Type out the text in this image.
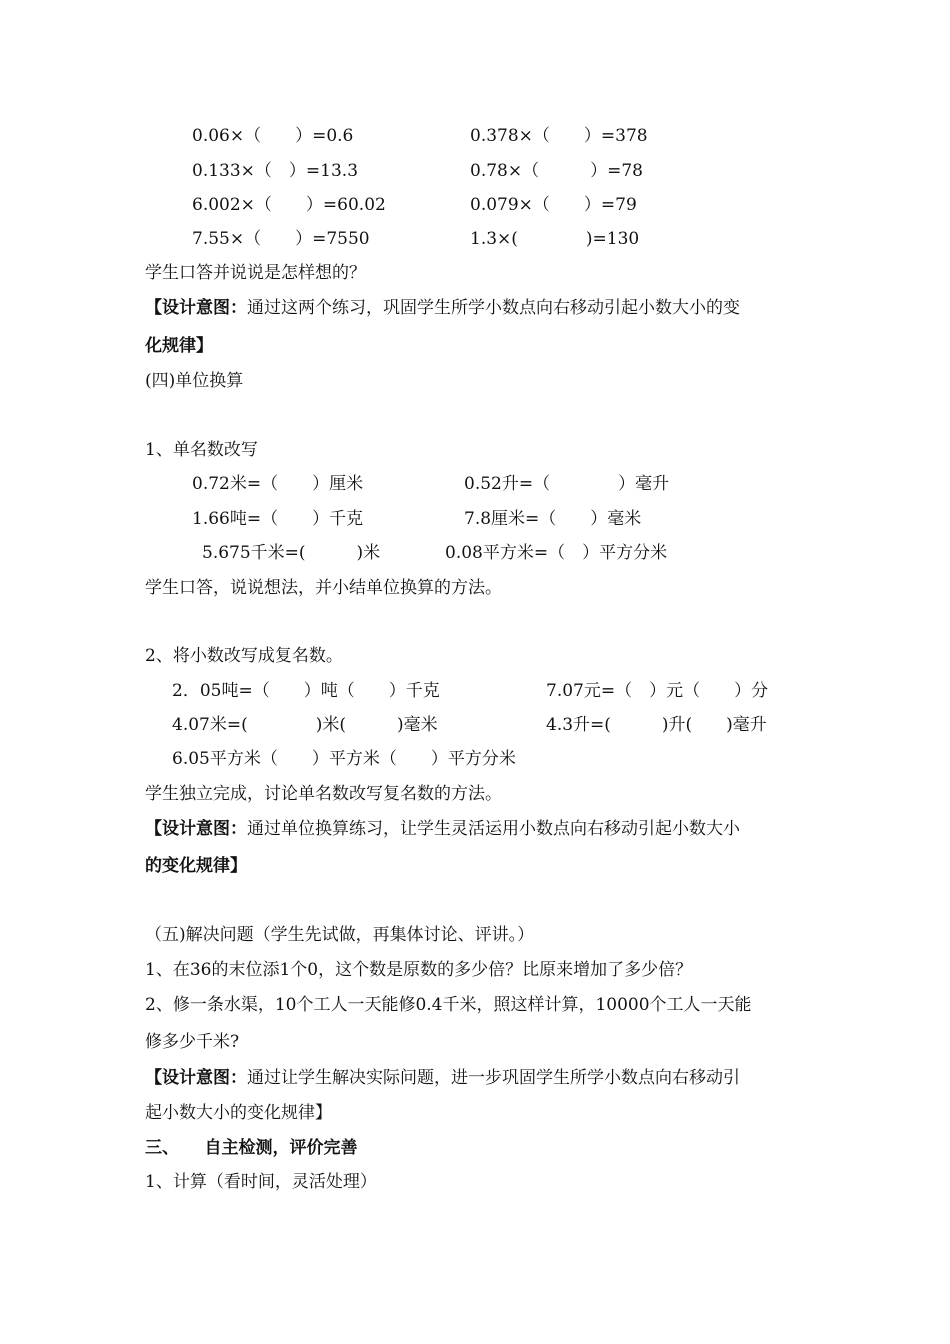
0.06×（　　）=0.6	0.378×（　　）=378
0.133×（　）=13.3	0.78×（　　　）=78
6.002×（　　）=60.02	0.079×（　　）=79
7.55×（　　）=7550	1.3×(　　　　)=130
学生口答并说说是怎样想的？
【设计意图：通过这两个练习，巩固学生所学小数点向右移动引起小数大小的变
化规律】
(四)单位换算
1、单名数改写
0.72米=（　　）厘米	0.52升=（　　　　）毫升
1.66吨=（　　）千克	7.8厘米=（　　）毫米
5.675千米=(　　　)米	0.08平方米=（　）平方分米
学生口答，说说想法，并小结单位换算的方法。
2、将小数改写成复名数。
2．05吨=（　　）吨（　　）千克	7.07元=（　）元（　　）分
4.07米=(　　　　)米(　　　)毫米	4.3升=(　　　)升(　　)毫升
6.05平方米（　　）平方米（　　）平方分米
学生独立完成，讨论单名数改写复名数的方法。
【设计意图：通过单位换算练习，让学生灵活运用小数点向右移动引起小数大小
的变化规律】
（五)解决问题（学生先试做，再集体讨论、评讲。）
1、在36的末位添1个0，这个数是原数的多少倍？比原来增加了多少倍？
2、修一条水渠，10个工人一天能修0.4千米，照这样计算，10000个工人一天能
修多少千米?
【设计意图：通过让学生解决实际问题，进一步巩固学生所学小数点向右移动引
起小数大小的变化规律】
三、　　自主检测，评价完善
1、计算（看时间，灵活处理）
